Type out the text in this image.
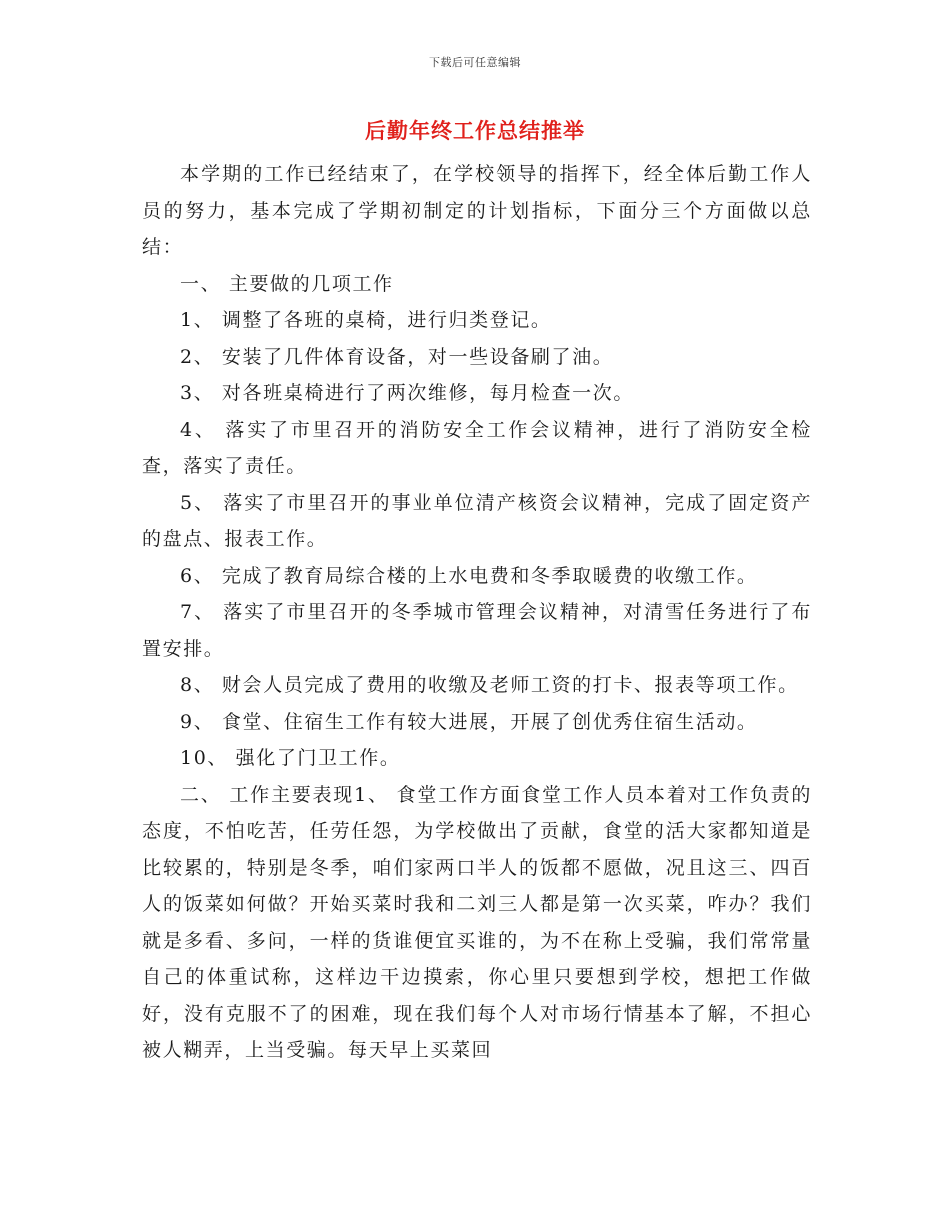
下载后可任意编辑
后勤年终工作总结推举

本学期的工作已经结束了，在学校领导的指挥下，经全体后勤工作人员的努力，基本完成了学期初制定的计划指标，下面分三个方面做以总结：

一、 主要做的几项工作

1、 调整了各班的桌椅，进行归类登记。

2、 安装了几件体育设备，对一些设备刷了油。

3、 对各班桌椅进行了两次维修，每月检查一次。

4、 落实了市里召开的消防安全工作会议精神，进行了消防安全检查，落实了责任。

5、 落实了市里召开的事业单位清产核资会议精神，完成了固定资产的盘点、报表工作。

6、 完成了教育局综合楼的上水电费和冬季取暖费的收缴工作。

7、 落实了市里召开的冬季城市管理会议精神，对清雪任务进行了布置安排。

8、 财会人员完成了费用的收缴及老师工资的打卡、报表等项工作。

9、 食堂、住宿生工作有较大进展，开展了创优秀住宿生活动。

10、 强化了门卫工作。

二、 工作主要表现1、 食堂工作方面食堂工作人员本着对工作负责的态度，不怕吃苦，任劳任怨，为学校做出了贡献，食堂的活大家都知道是比较累的，特别是冬季，咱们家两口半人的饭都不愿做，况且这三、四百人的饭菜如何做？开始买菜时我和二刘三人都是第一次买菜，咋办？我们就是多看、多问，一样的货谁便宜买谁的，为不在称上受骗，我们常常量自己的体重试称，这样边干边摸索，你心里只要想到学校，想把工作做好，没有克服不了的困难，现在我们每个人对市场行情基本了解，不担心被人糊弄，上当受骗。每天早上买菜回
